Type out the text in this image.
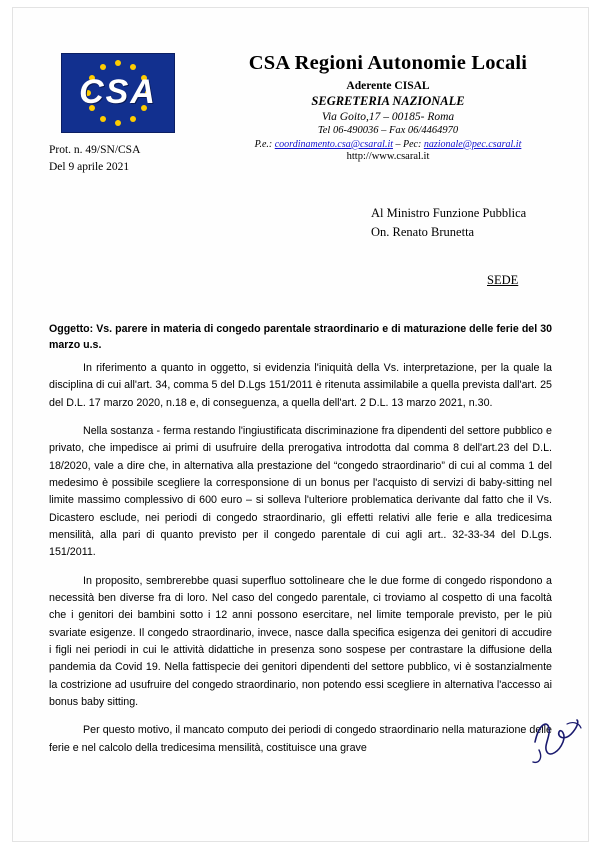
CSA
CSA Regioni Autonomie Locali
Aderente CISAL
SEGRETERIA NAZIONALE
Via Goito,17 – 00185- Roma
Tel 06-490036 – Fax 06/4464970
P.e.: coordinamento.csa@csaral.it – Pec: nazionale@pec.csaral.it
http://www.csaral.it
Prot. n. 49/SN/CSA
Del 9 aprile 2021
Al Ministro Funzione Pubblica
On. Renato Brunetta
SEDE
Oggetto: Vs. parere in materia di congedo parentale straordinario e di maturazione delle ferie del 30 marzo u.s.

In riferimento a quanto in oggetto, si evidenzia l'iniquità della Vs. interpretazione, per la quale la disciplina di cui all'art. 34, comma 5 del D.Lgs 151/2011 è ritenuta assimilabile a quella prevista dall'art. 25 del D.L. 17 marzo 2020, n.18 e, di conseguenza, a quella dell'art. 2 D.L. 13 marzo 2021, n.30.

Nella sostanza - ferma restando l'ingiustificata discriminazione fra dipendenti del settore pubblico e privato, che impedisce ai primi di usufruire della prerogativa introdotta dal comma 8 dell'art.23 del D.L. 18/2020, vale a dire che, in alternativa alla prestazione del “congedo straordinario” di cui al comma 1 del medesimo è possibile scegliere la corresponsione di un bonus per l'acquisto di servizi di baby-sitting nel limite massimo complessivo di 600 euro – si solleva l'ulteriore problematica derivante dal fatto che il Vs. Dicastero esclude, nei periodi di congedo straordinario, gli effetti relativi alle ferie e alla tredicesima mensilità, alla pari di quanto previsto per il congedo parentale di cui agli art.. 32-33-34 del D.Lgs. 151/2011.

In proposito, sembrerebbe quasi superfluo sottolineare che le due forme di congedo rispondono a necessità ben diverse fra di loro. Nel caso del congedo parentale, ci troviamo al cospetto di una facoltà che i genitori dei bambini sotto i 12 anni possono esercitare, nel limite temporale previsto, per le più svariate esigenze. Il congedo straordinario, invece, nasce dalla specifica esigenza dei genitori di accudire i figli nei periodi in cui le attività didattiche in presenza sono sospese per contrastare la diffusione della pandemia da Covid 19. Nella fattispecie dei genitori dipendenti del settore pubblico, vi è sostanzialmente la costrizione ad usufruire del congedo straordinario, non potendo essi scegliere in alternativa l'accesso ai bonus baby sitting.

Per questo motivo, il mancato computo dei periodi di congedo straordinario nella maturazione delle ferie e nel calcolo della tredicesima mensilità, costituisce una grave
